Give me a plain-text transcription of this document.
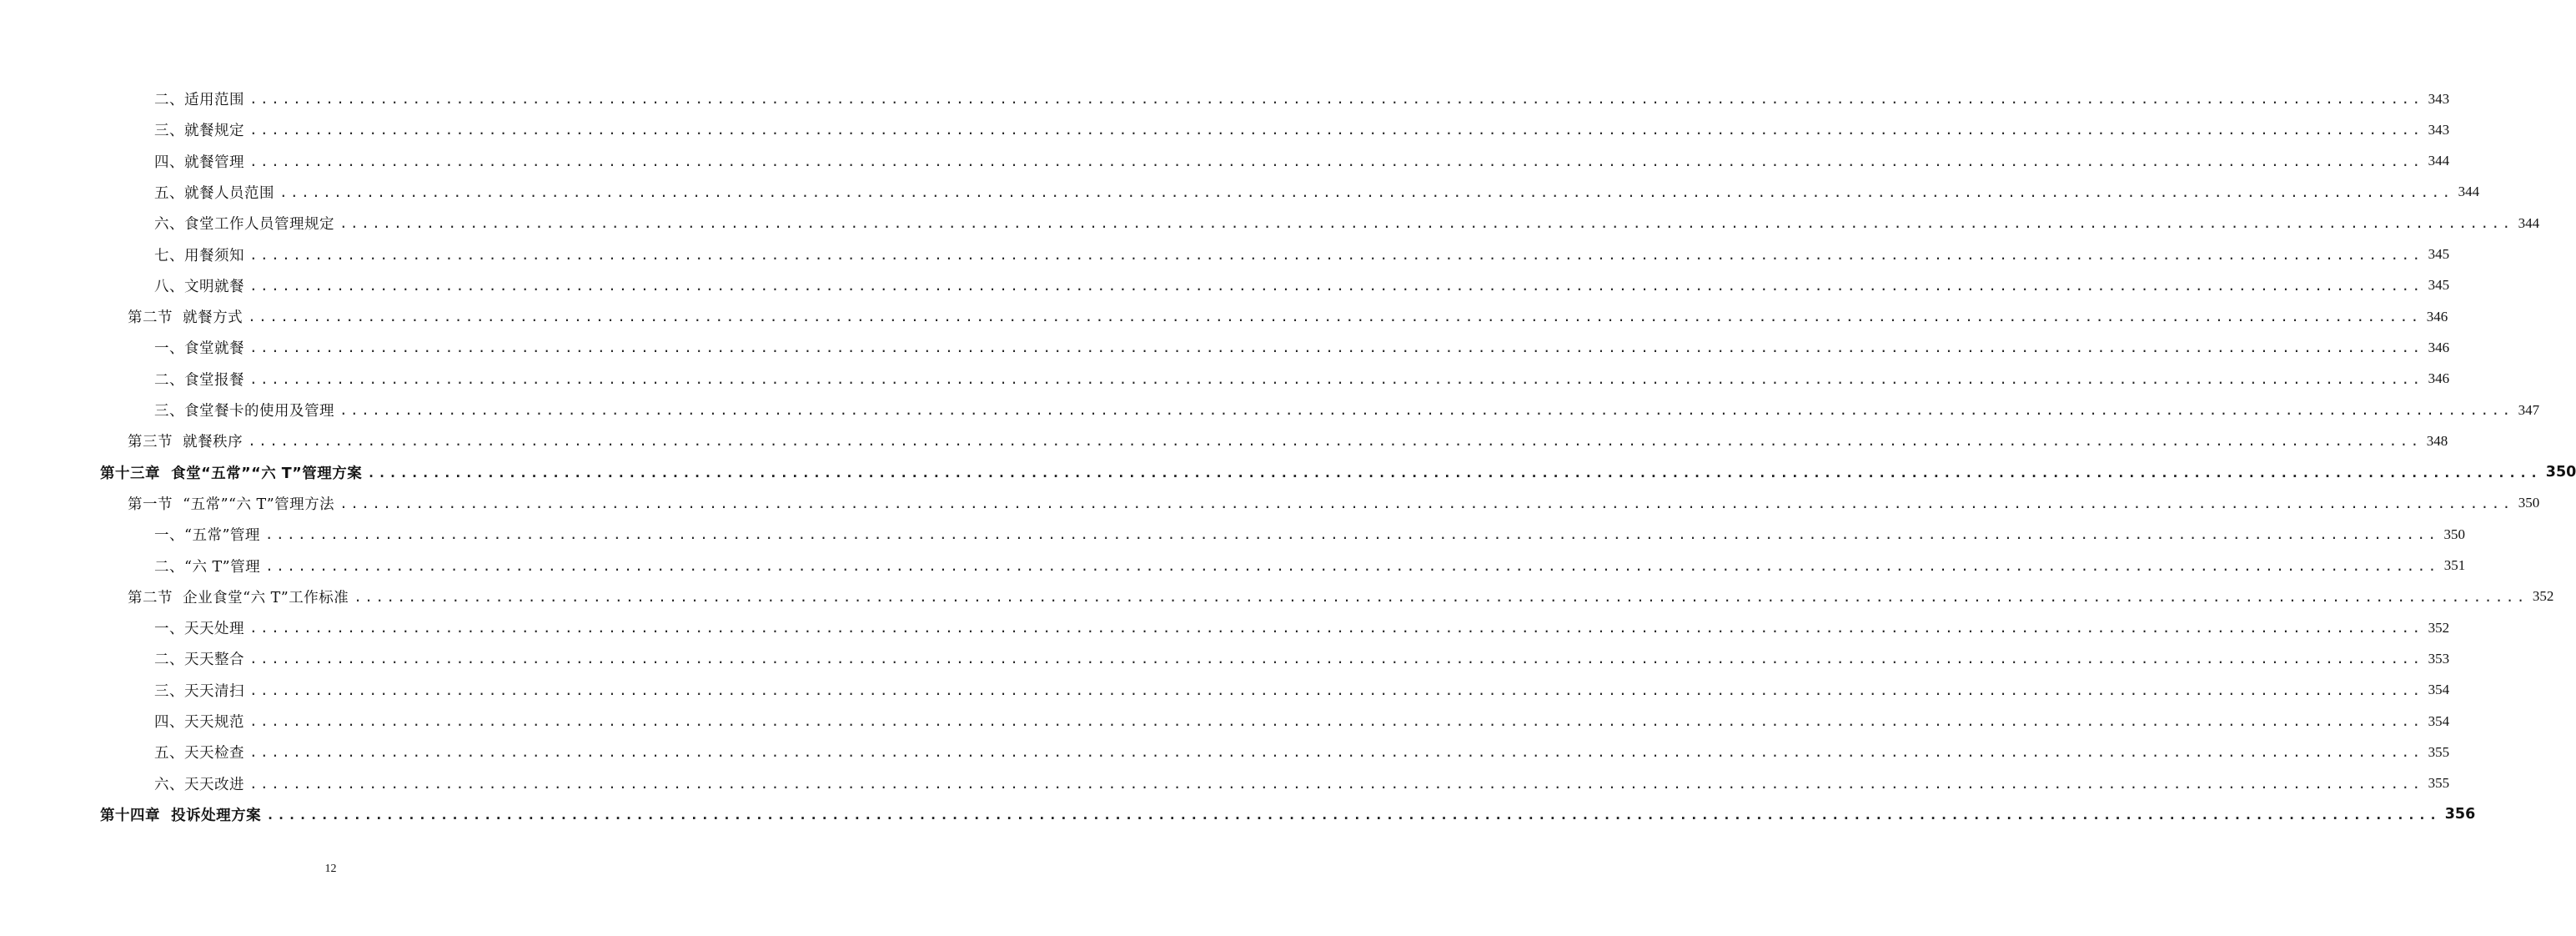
二、适用范围 ........................................................................................................................................................................................................ 343
三、就餐规定 ........................................................................................................................................................................................................ 343
四、就餐管理 ........................................................................................................................................................................................................ 344
五、就餐人员范围 ........................................................................................................................................................................................................ 344
六、食堂工作人员管理规定 ........................................................................................................................................................................................................ 344
七、用餐须知 ........................................................................................................................................................................................................ 345
八、文明就餐 ........................................................................................................................................................................................................ 345
第二节  就餐方式 ........................................................................................................................................................................................................ 346
一、食堂就餐 ........................................................................................................................................................................................................ 346
二、食堂报餐 ........................................................................................................................................................................................................ 346
三、食堂餐卡的使用及管理 ........................................................................................................................................................................................................ 347
第三节  就餐秩序 ........................................................................................................................................................................................................ 348
第十三章  食堂“五常”“六 T”管理方案 ........................................................................................................................................................................................................ 350
第一节  “五常”“六 T”管理方法 ........................................................................................................................................................................................................ 350
一、“五常”管理 ........................................................................................................................................................................................................ 350
二、“六 T”管理 ........................................................................................................................................................................................................ 351
第二节  企业食堂“六 T”工作标准 ........................................................................................................................................................................................................ 352
一、天天处理 ........................................................................................................................................................................................................ 352
二、天天整合 ........................................................................................................................................................................................................ 353
三、天天清扫 ........................................................................................................................................................................................................ 354
四、天天规范 ........................................................................................................................................................................................................ 354
五、天天检查 ........................................................................................................................................................................................................ 355
六、天天改进 ........................................................................................................................................................................................................ 355
第十四章  投诉处理方案 ........................................................................................................................................................................................................ 356
12
